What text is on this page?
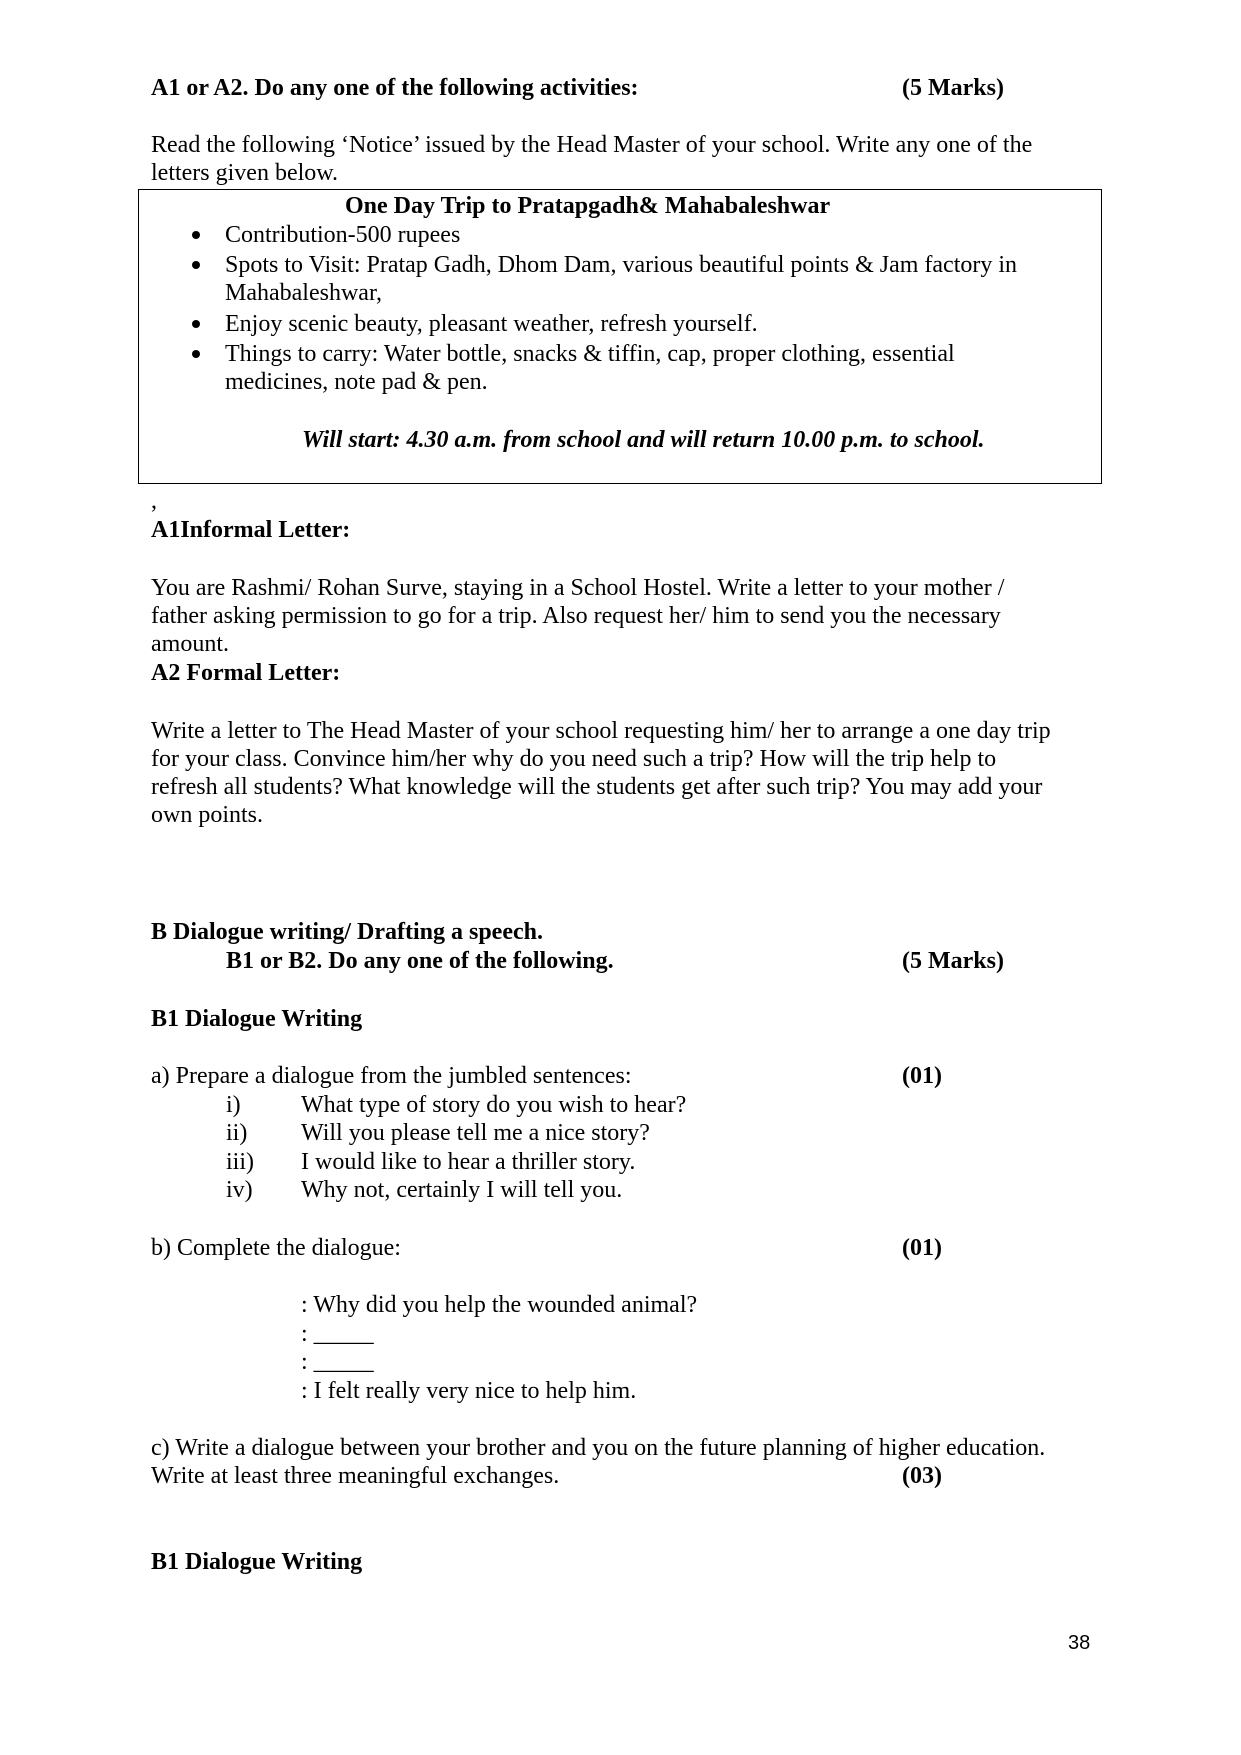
A1 or A2. Do any one of the following activities:	(5 Marks)
Read the following ‘Notice’ issued by the Head Master of your school. Write any one of the
letters given below.
One Day Trip to Pratapgadh& Mahabaleshwar
Contribution-500 rupees
Spots to Visit: Pratap Gadh, Dhom Dam, various beautiful points & Jam factory in
Mahabaleshwar,
Enjoy scenic beauty, pleasant weather, refresh yourself.
Things to carry: Water bottle, snacks & tiffin, cap, proper clothing, essential
medicines, note pad & pen.
Will start: 4.30 a.m. from school and will return 10.00 p.m. to school.
,
A1Informal Letter:
You are Rashmi/ Rohan Surve, staying in a School Hostel. Write a letter to your mother /
father asking permission to go for a trip. Also request her/ him to send you the necessary
amount.
A2 Formal Letter:
Write a letter to The Head Master of your school requesting him/ her to arrange a one day trip
for your class. Convince him/her why do you need such a trip? How will the trip help to
refresh all students? What knowledge will the students get after such trip? You may add your
own points.
B Dialogue writing/ Drafting a speech.
B1 or B2. Do any one of the following.	(5 Marks)
B1 Dialogue Writing
a) Prepare a dialogue from the jumbled sentences:	(01)
i)	What type of story do you wish to hear?
ii) Will you please tell me a nice story?
iii) I would like to hear a thriller story.
iv) Why not, certainly I will tell you.
b) Complete the dialogue:	(01)
: Why did you help the wounded animal?
: _____
: _____
: I felt really very nice to help him.
c) Write a dialogue between your brother and you on the future planning of higher education.
Write at least three meaningful exchanges.	(03)
B1 Dialogue Writing
38
